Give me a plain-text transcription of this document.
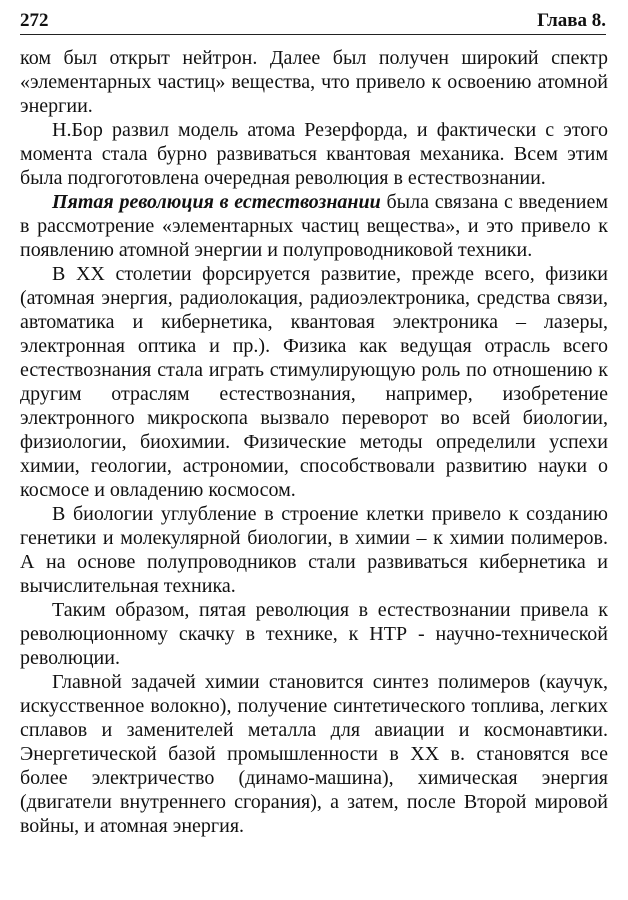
272	Глава 8.

ком был открыт нейтрон. Далее был получен широкий спектр «элементарных частиц» вещества, что привело к освоению атомной энергии.

Н.Бор развил модель атома Резерфорда, и фактически с этого момента стала бурно развиваться квантовая механика. Всем этим была подгоготовлена очередная революция в естествознании.

Пятая революция в естествознании была связана с введением в рассмотрение «элементарных частиц вещества», и это привело к появлению атомной энергии и полупроводниковой техники.

В XX столетии форсируется развитие, прежде всего, физики (атомная энергия, радиолокация, радиоэлектроника, средства связи, автоматика и кибернетика, квантовая электроника – лазеры, электронная оптика и пр.). Физика как ведущая отрасль всего естествознания стала играть стимулирующую роль по отношению к другим отраслям естествознания, например, изобретение электронного микроскопа вызвало переворот во всей биологии, физиологии, биохимии. Физические методы определили успехи химии, геологии, астрономии, способствовали развитию науки о космосе и овладению космосом.

В биологии углубление в строение клетки привело к созданию генетики и молекулярной биологии, в химии – к химии полимеров. А на основе полупроводников стали развиваться кибернетика и вычислительная техника.

Таким образом, пятая революция в естествознании привела к революционному скачку в технике, к НТР - научно-технической революции.

Главной задачей химии становится синтез полимеров (каучук, искусственное волокно), получение синтетического топлива, легких сплавов и заменителей металла для авиации и космонавтики. Энергетической базой промышленности в XX в. становятся все более электричество (динамо-машина), химическая энергия (двигатели внутреннего сгорания), а затем, после Второй мировой войны, и атомная энергия.
